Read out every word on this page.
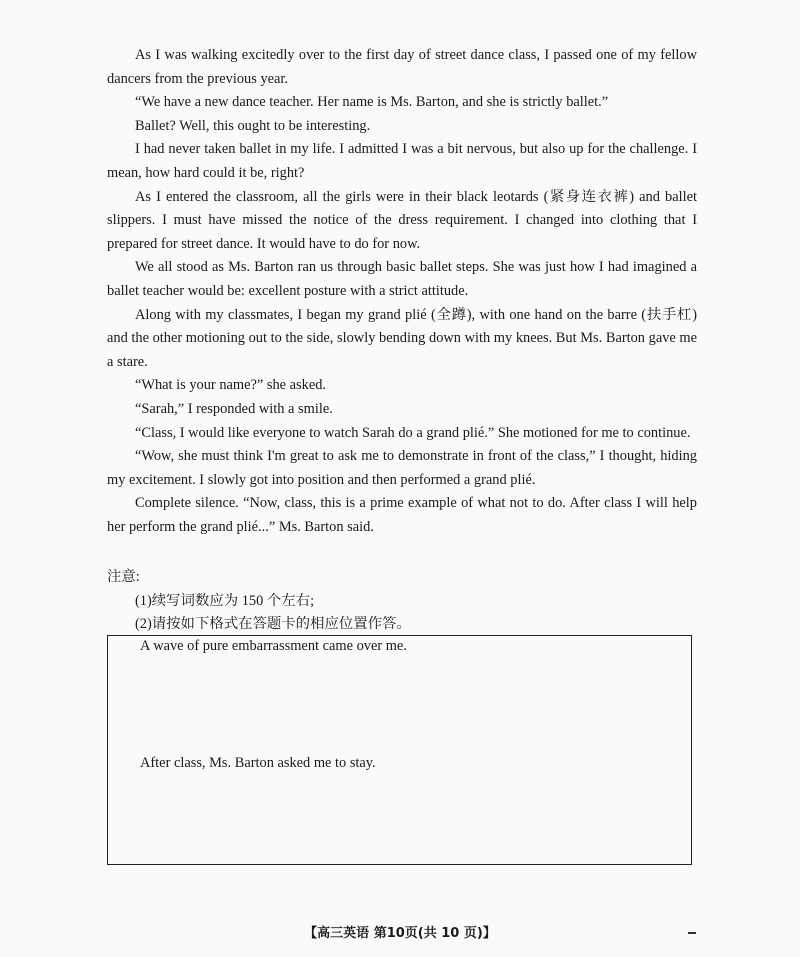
As I was walking excitedly over to the first day of street dance class, I passed one of my fellow dancers from the previous year.

“We have a new dance teacher. Her name is Ms. Barton, and she is strictly ballet.”

Ballet? Well, this ought to be interesting.

I had never taken ballet in my life. I admitted I was a bit nervous, but also up for the challenge. I mean, how hard could it be, right?

As I entered the classroom, all the girls were in their black leotards (紧身连衣裤) and ballet slippers. I must have missed the notice of the dress requirement. I changed into clothing that I prepared for street dance. It would have to do for now.

We all stood as Ms. Barton ran us through basic ballet steps. She was just how I had imagined a ballet teacher would be: excellent posture with a strict attitude.

Along with my classmates, I began my grand plié (全蹲), with one hand on the barre (扶手杠) and the other motioning out to the side, slowly bending down with my knees. But Ms. Barton gave me a stare.

“What is your name?” she asked.

“Sarah,” I responded with a smile.

“Class, I would like everyone to watch Sarah do a grand plié.” She motioned for me to continue.

“Wow, she must think I'm great to ask me to demonstrate in front of the class,” I thought, hiding my excitement. I slowly got into position and then performed a grand plié.

Complete silence. “Now, class, this is a prime example of what not to do. After class I will help her perform the grand plié...” Ms. Barton said.

注意:

(1)续写词数应为 150 个左右;

(2)请按如下格式在答题卡的相应位置作答。

A wave of pure embarrassment came over me.
After class, Ms. Barton asked me to stay.
【高三英语 第10页(共 10 页)】
